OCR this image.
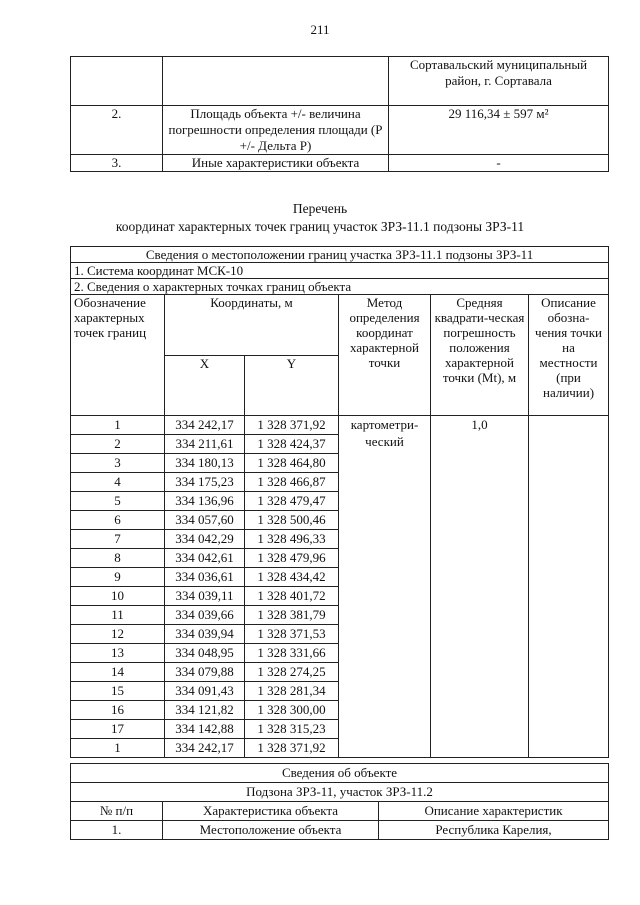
211
		Сортавальский муниципальный район, г. Сортавала
2.	Площадь объекта +/- величина погрешности определения площади (P +/- Дельта P)	29 116,34 ± 597 м²
3.	Иные характеристики объекта	-
Перечень
координат характерных точек границ участок ЗРЗ-11.1 подзоны ЗРЗ-11
Сведения о местоположении границ участка ЗРЗ-11.1 подзоны ЗРЗ-11					
1. Система координат МСК-10					
2. Сведения о характерных точках границ объекта					
Обозначение характерных точек границ	Координаты, м		Метод определения координат характерной точки	Средняя квадрати-ческая погрешность положения характерной точки (Mt), м	Описание обозна-чения точки на местности (при наличии)
	X	Y			
1	334 242,17	1 328 371,92	картометри-ческий	1,0	
2	334 211,61	1 328 424,37			
3	334 180,13	1 328 464,80			
4	334 175,23	1 328 466,87			
5	334 136,96	1 328 479,47			
6	334 057,60	1 328 500,46			
7	334 042,29	1 328 496,33			
8	334 042,61	1 328 479,96			
9	334 036,61	1 328 434,42			
10	334 039,11	1 328 401,72			
11	334 039,66	1 328 381,79			
12	334 039,94	1 328 371,53			
13	334 048,95	1 328 331,66			
14	334 079,88	1 328 274,25			
15	334 091,43	1 328 281,34			
16	334 121,82	1 328 300,00			
17	334 142,88	1 328 315,23			
1	334 242,17	1 328 371,92			
Сведения об объекте		
Подзона ЗРЗ-11, участок ЗРЗ-11.2		
№ п/п	Характеристика объекта	Описание характеристик
1.	Местоположение объекта	Республика Карелия,
